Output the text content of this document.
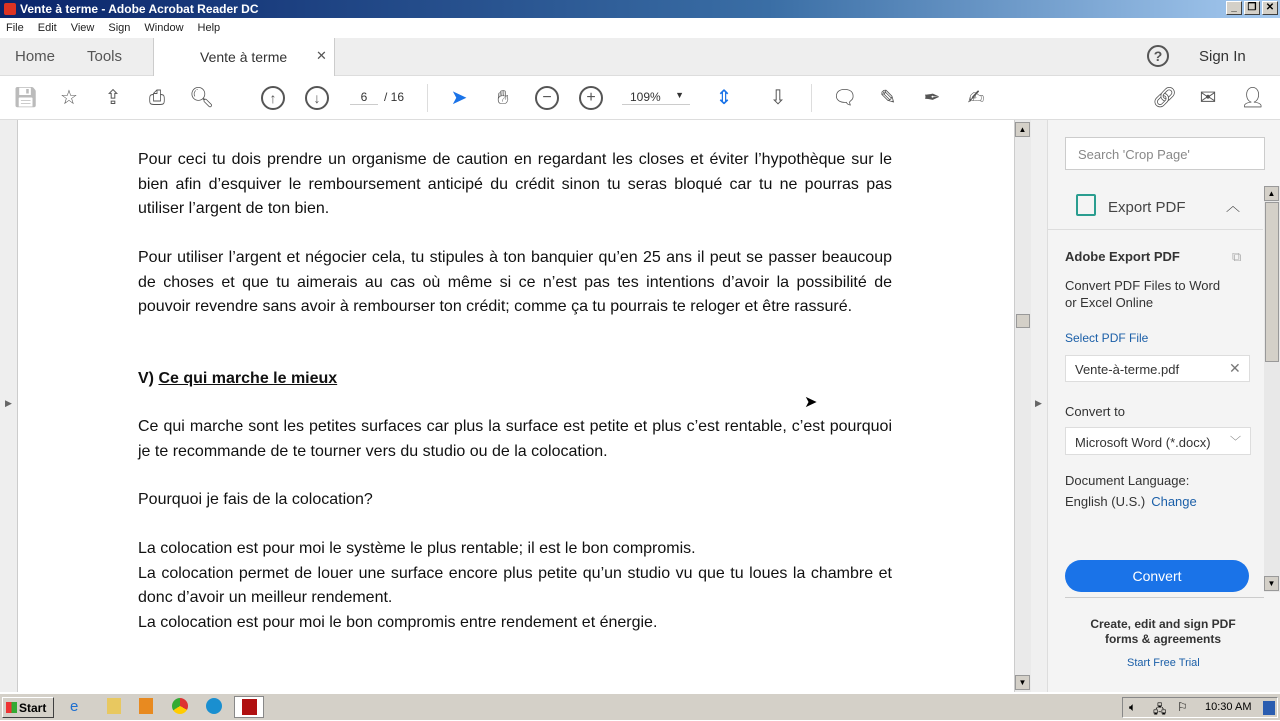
Vente à terme - Adobe Acrobat Reader DC	_	❐ ✕
File Edit View Sign Window Help
Home Tools	Vente à terme ✕	?	Sign In
💾︎ ☆ ⇪ ⎙ 🔍︎	↑	↓	6	/ 16 ➤	✋︎	−	+	109% ▼ ⇕ ⇩ 🗨︎ ✎ ✒︎ ✍︎	🔗︎ ✉︎ 👤︎
▶

Pour ceci tu dois prendre un organisme de caution en regardant les closes et éviter l’hypothèque sur le bien afin d’esquiver le remboursement anticipé du crédit sinon tu seras bloqué car tu ne pourras pas utiliser l’argent de ton bien.

Pour utiliser l’argent et négocier cela, tu stipules à ton banquier qu’en 25 ans il peut se passer beaucoup de choses et que tu aimerais au cas où même si ce n’est pas tes intentions d’avoir la possibilité de pouvoir revendre sans avoir à rembourser ton crédit; comme ça tu pourrais te reloger et être rassuré.

V) Ce qui marche le mieux

Ce qui marche sont les petites surfaces car plus la surface est petite et plus c’est rentable, c’est pourquoi je te recommande de te tourner vers du studio ou de la colocation.

Pourquoi je fais de la colocation?

La colocation est pour moi le système le plus rentable; il est le bon compromis.

La colocation permet de louer une surface encore plus petite qu’un studio vu que tu loues la chambre et donc d’avoir un meilleur rendement.

La colocation est pour moi le bon compromis entre rendement et énergie.

➤
▲
▼
▶
Search 'Crop Page'
Export PDF	︿
Adobe Export PDF	⧉
Convert PDF Files to Word or Excel Online
Select PDF File
Vente-à-terme.pdf	✕
Convert to
Microsoft Word (*.docx) ﹀
Document Language:
English (U.S.) Change
Convert
Create, edit and sign PDF forms & agreements
Start Free Trial
▲
▼
Start	e	🔈︎ 🖧︎ ⚐ 10:30 AM
